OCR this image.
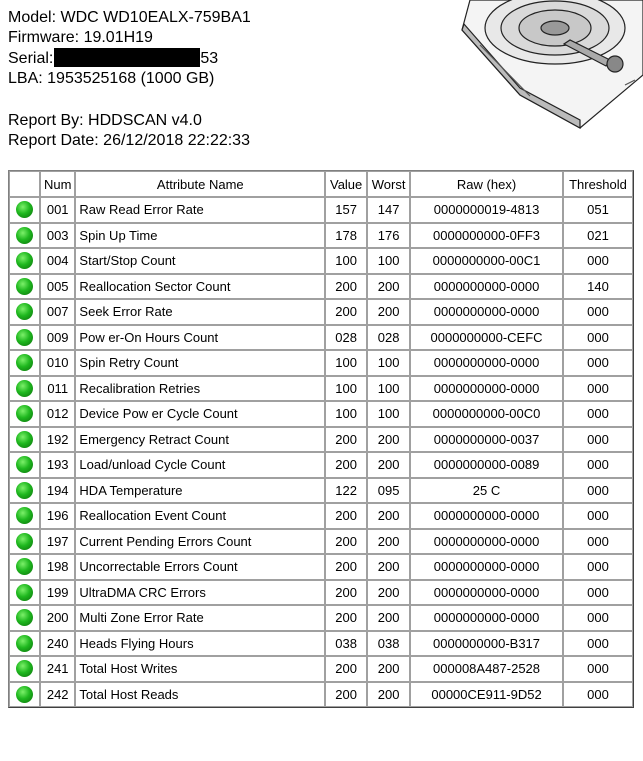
Model: WDC WD10EALX-759BA1
Firmware: 19.01H19
Serial:	53
LBA: 1953525168 (1000 GB)
Report By: HDDSCAN v4.0
Report Date: 26/12/2018 22:22:33
	Num	Attribute Name	Value	Worst	Raw (hex)	Threshold
	001	Raw Read Error Rate	157	147	0000000019-4813	051
	003	Spin Up Time	178	176	0000000000-0FF3	021
	004	Start/Stop Count	100	100	0000000000-00C1	000
	005	Reallocation Sector Count	200	200	0000000000-0000	140
	007	Seek Error Rate	200	200	0000000000-0000	000
	009	Pow er-On Hours Count	028	028	0000000000-CEFC	000
	010	Spin Retry Count	100	100	0000000000-0000	000
	011	Recalibration Retries	100	100	0000000000-0000	000
	012	Device Pow er Cycle Count	100	100	0000000000-00C0	000
	192	Emergency Retract Count	200	200	0000000000-0037	000
	193	Load/unload Cycle Count	200	200	0000000000-0089	000
	194	HDA Temperature	122	095	25 C	000
	196	Reallocation Event Count	200	200	0000000000-0000	000
	197	Current Pending Errors Count	200	200	0000000000-0000	000
	198	Uncorrectable Errors Count	200	200	0000000000-0000	000
	199	UltraDMA CRC Errors	200	200	0000000000-0000	000
	200	Multi Zone Error Rate	200	200	0000000000-0000	000
	240	Heads Flying Hours	038	038	0000000000-B317	000
	241	Total Host Writes	200	200	000008A487-2528	000
	242	Total Host Reads	200	200	00000CE911-9D52	000
